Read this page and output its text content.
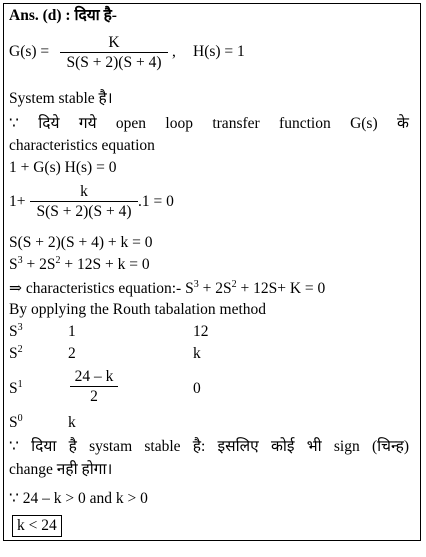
Ans. (d) : दिया है-
$G(s) = \frac{K}{S(S + 2)(S + 4)}$ , H(s) = 1
System stable है।
∵ दिये गये open loop transfer function G(s) के
characteristics equation
1 + G(s) H(s) = 0
$1+ \frac{k}{S(S + 2)(S + 4)} .1 = 0$
S(S + 2)(S + 4) + k = 0
$S^3 + 2S^2 + 12S + k = 0$
⇒ characteristics equation:- $S^3 + 2S^2 + 12S+ K = 0$
By opplying the Routh tabalation method
$S^3$	1	12
$S^2$	2	k
$S^1$	$\frac{24 - k}{2}$	0
$S^0$	k
∵ दिया है systam stable है: इसलिए कोई भी sign (चिन्ह)
change नही होगा।
∵ 24 – k > 0 and k > 0
k < 24
